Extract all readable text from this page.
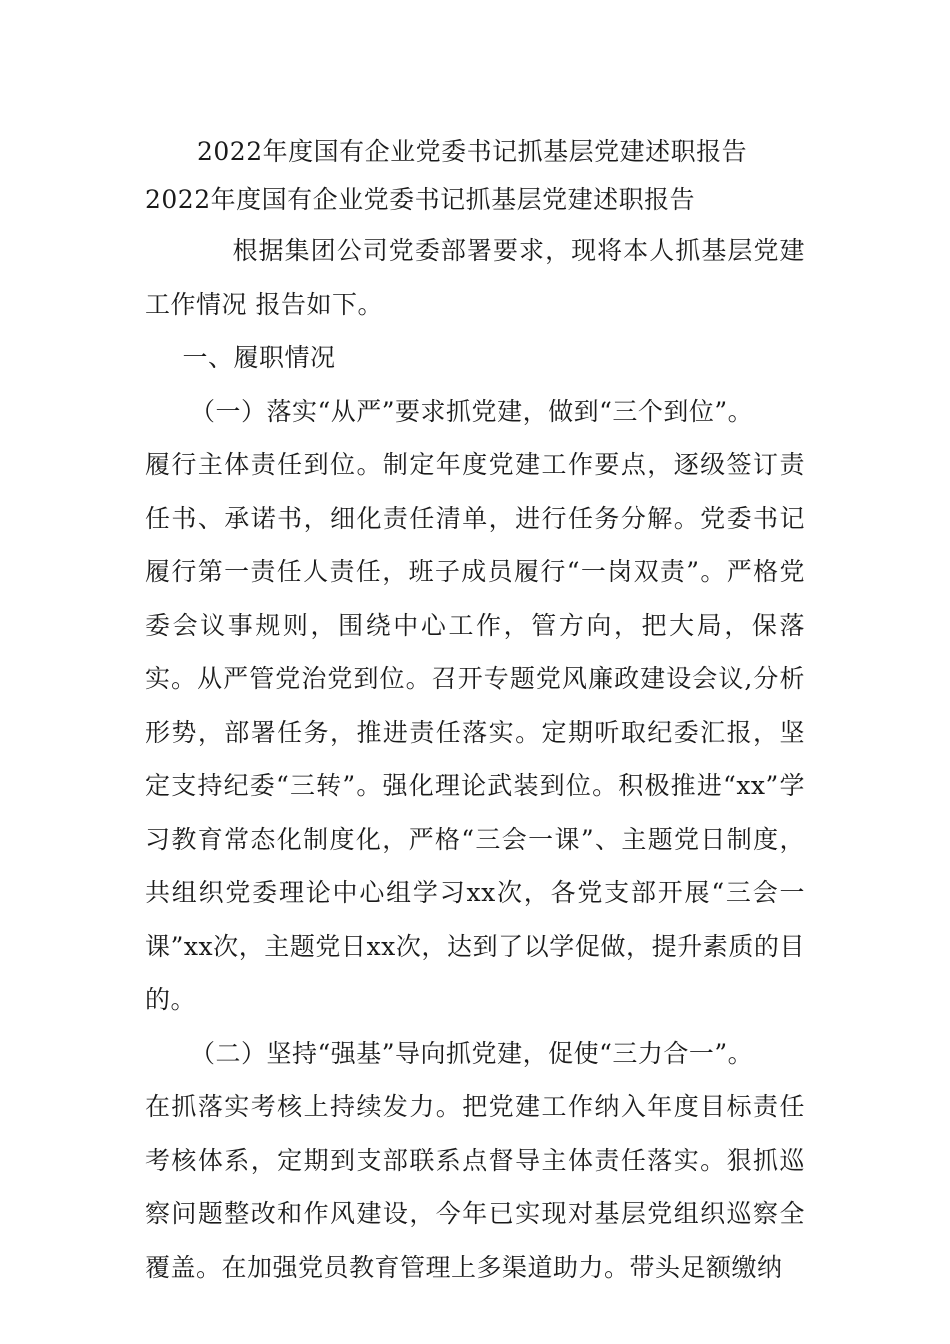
2022年度国有企业党委书记抓基层党建述职报告
2022年度国有企业党委书记抓基层党建述职报告

根据集团公司党委部署要求，现将本人抓基层党建工作情况 报告如下。

一、履职情况

（一）落实“从严”要求抓党建，做到“三个到位”。

履行主体责任到位。制定年度党建工作要点，逐级签订责任书、承诺书，细化责任清单，进行任务分解。党委书记履行第一责任人责任，班子成员履行“一岗双责”。严格党委会议事规则，围绕中心工作，管方向，把大局，保落实。从严管党治党到位。召开专题党风廉政建设会议,分析形势，部署任务，推进责任落实。定期听取纪委汇报，坚定支持纪委“三转”。强化理论武装到位。积极推进“xx”学习教育常态化制度化，严格“三会一课”、主题党日制度，共组织党委理论中心组学习xx次，各党支部开展“三会一课”xx次，主题党日xx次，达到了以学促做，提升素质的目的。

（二）坚持“强基”导向抓党建，促使“三力合一”。

在抓落实考核上持续发力。把党建工作纳入年度目标责任考核体系，定期到支部联系点督导主体责任落实。狠抓巡察问题整改和作风建设，今年已实现对基层党组织巡察全覆盖。在加强党员教育管理上多渠道助力。带头足额缴纳
